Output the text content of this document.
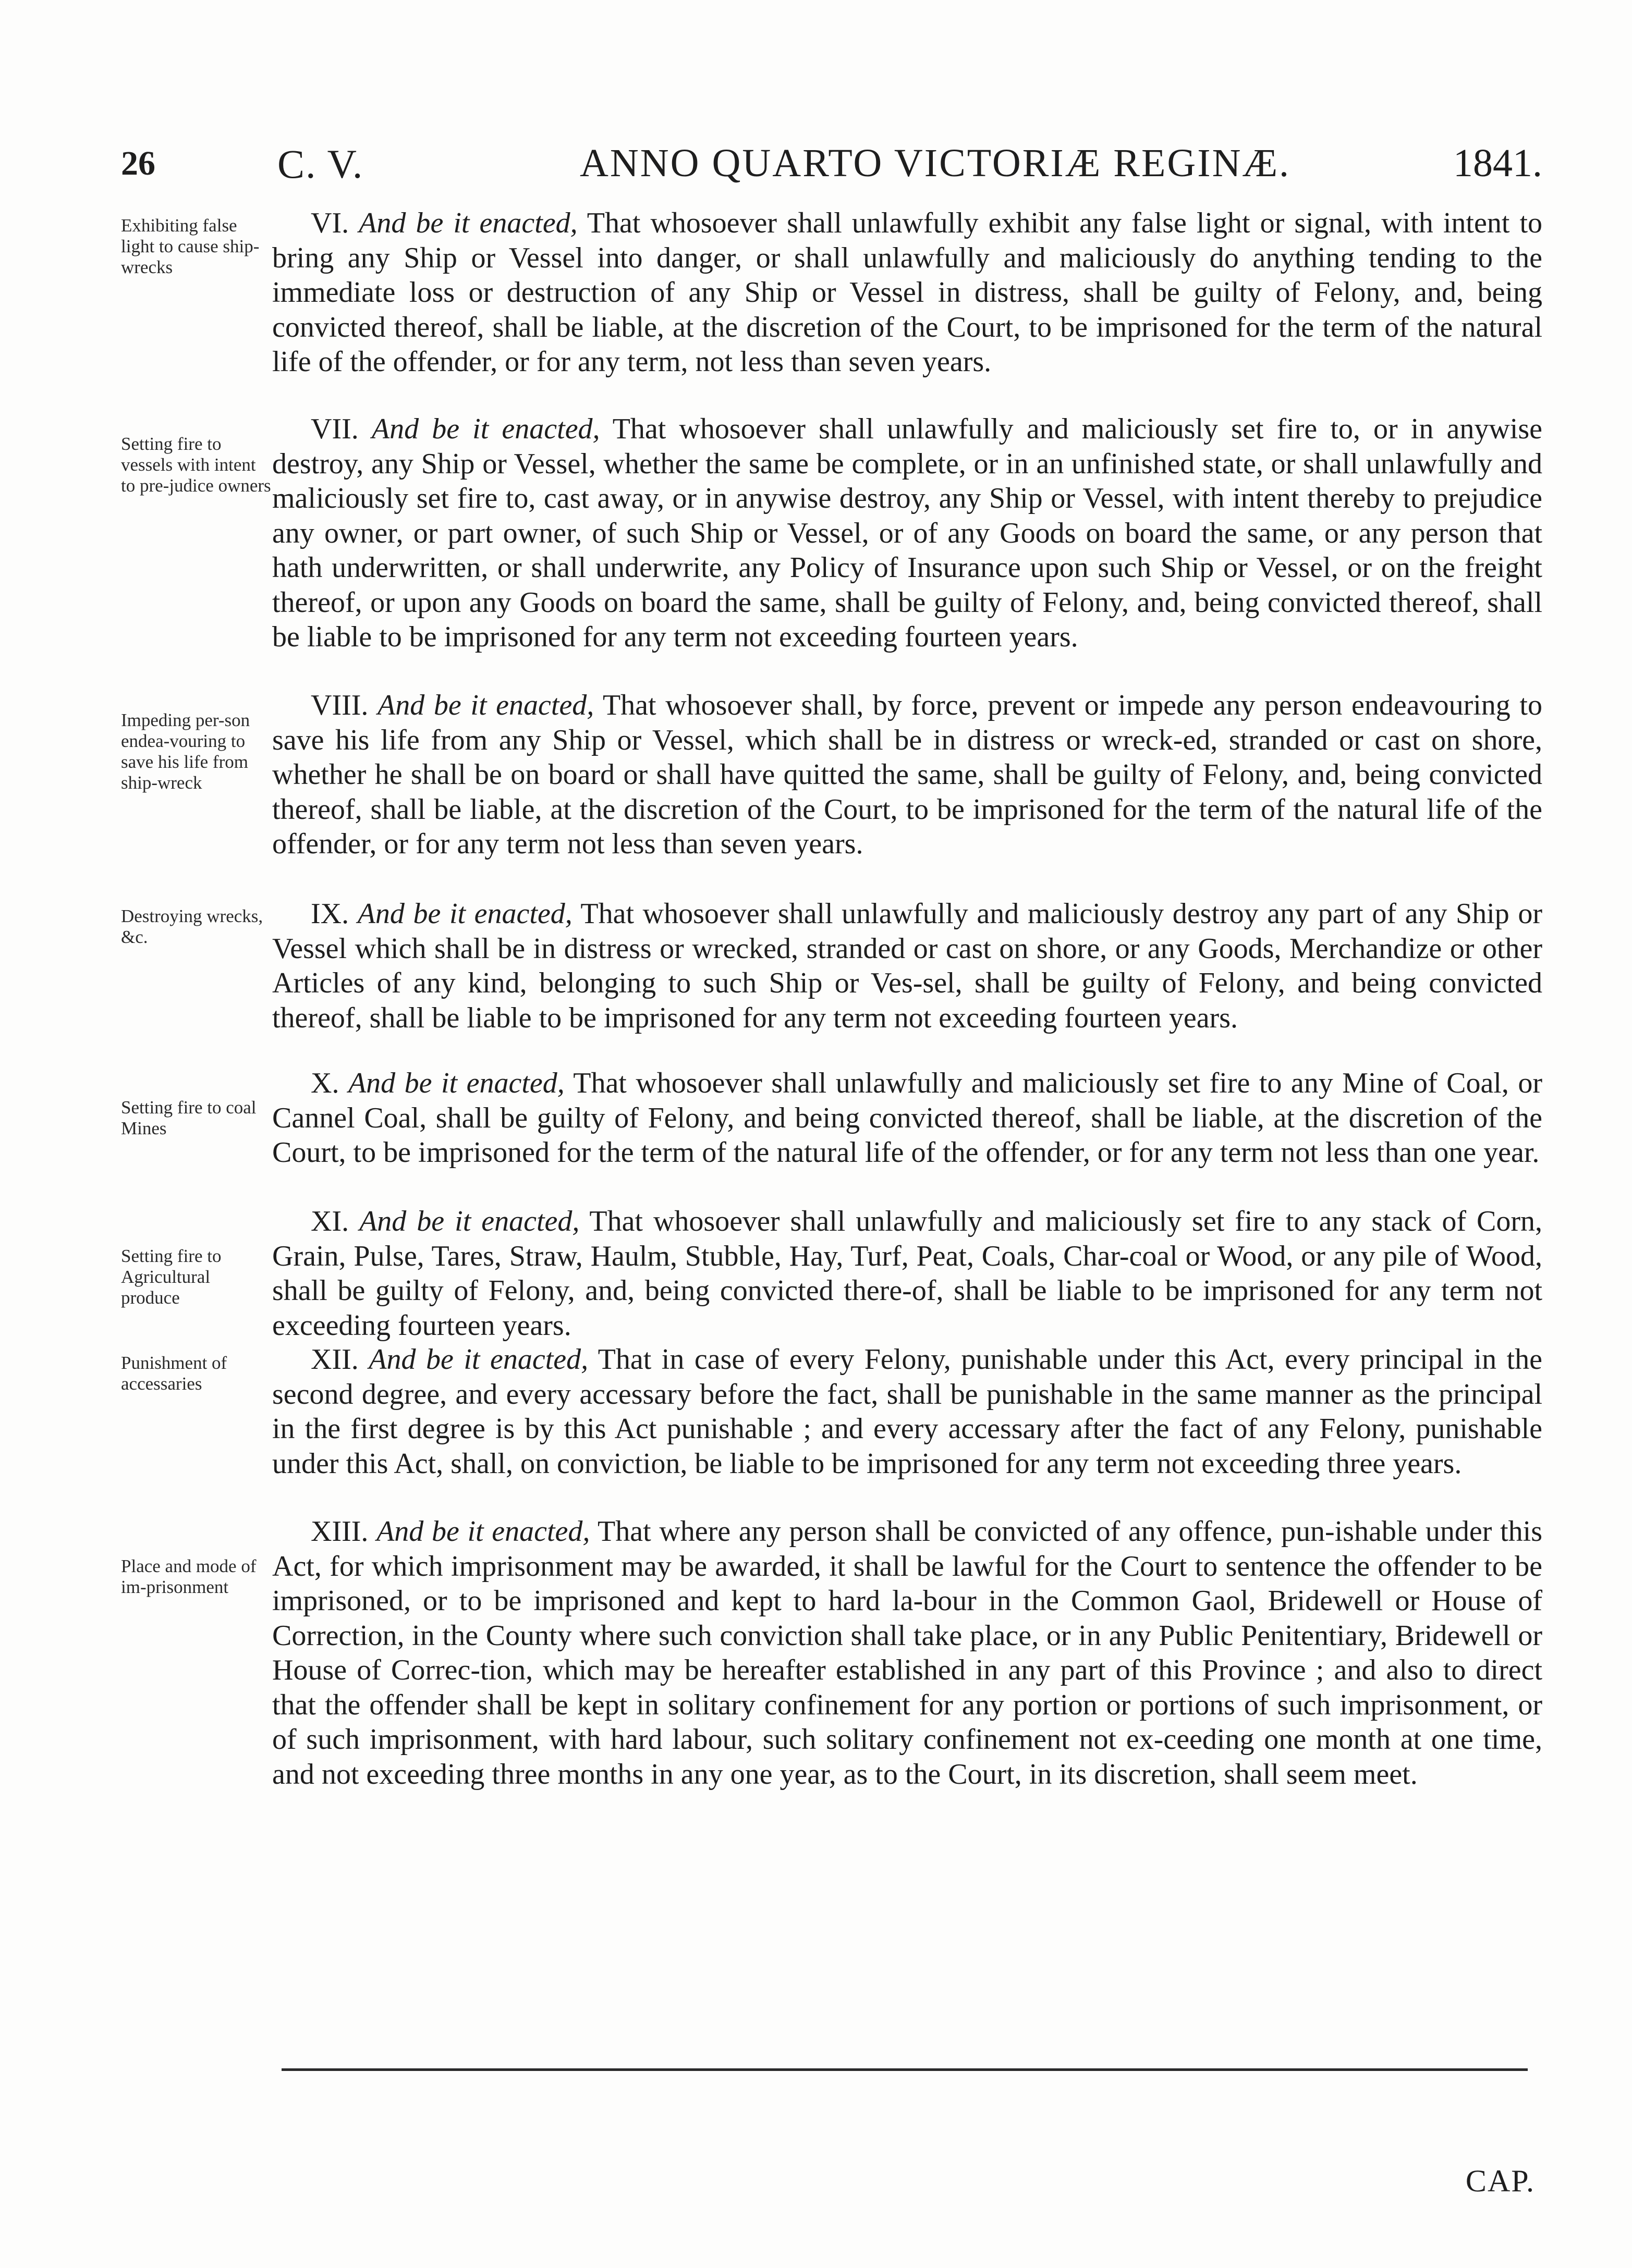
26	C. V.	ANNO QUARTO VICTORIÆ REGINÆ.	1841.
Exhibiting false light to cause ship-wrecks
VI. And be it enacted, That whosoever shall unlawfully exhibit any false light or signal, with intent to bring any Ship or Vessel into danger, or shall unlawfully and maliciously do anything tending to the immediate loss or destruction of any Ship or Vessel in distress, shall be guilty of Felony, and, being convicted thereof, shall be liable, at the discretion of the Court, to be imprisoned for the term of the natural life of the offender, or for any term, not less than seven years.
Setting fire to vessels with intent to pre-judice owners
VII. And be it enacted, That whosoever shall unlawfully and maliciously set fire to, or in anywise destroy, any Ship or Vessel, whether the same be complete, or in an unfinished state, or shall unlawfully and maliciously set fire to, cast away, or in anywise destroy, any Ship or Vessel, with intent thereby to prejudice any owner, or part owner, of such Ship or Vessel, or of any Goods on board the same, or any person that hath underwritten, or shall underwrite, any Policy of Insurance upon such Ship or Vessel, or on the freight thereof, or upon any Goods on board the same, shall be guilty of Felony, and, being convicted thereof, shall be liable to be imprisoned for any term not exceeding fourteen years.
Impeding per-son endea-vouring to save his life from ship-wreck
VIII. And be it enacted, That whosoever shall, by force, prevent or impede any person endeavouring to save his life from any Ship or Vessel, which shall be in distress or wreck-ed, stranded or cast on shore, whether he shall be on board or shall have quitted the same, shall be guilty of Felony, and, being convicted thereof, shall be liable, at the discretion of the Court, to be imprisoned for the term of the natural life of the offender, or for any term not less than seven years.
Destroying wrecks, &c.
IX. And be it enacted, That whosoever shall unlawfully and maliciously destroy any part of any Ship or Vessel which shall be in distress or wrecked, stranded or cast on shore, or any Goods, Merchandize or other Articles of any kind, belonging to such Ship or Ves-sel, shall be guilty of Felony, and being convicted thereof, shall be liable to be imprisoned for any term not exceeding fourteen years.
Setting fire to coal Mines
X. And be it enacted, That whosoever shall unlawfully and maliciously set fire to any Mine of Coal, or Cannel Coal, shall be guilty of Felony, and being convicted thereof, shall be liable, at the discretion of the Court, to be imprisoned for the term of the natural life of the offender, or for any term not less than one year.
Setting fire to Agricultural produce
XI. And be it enacted, That whosoever shall unlawfully and maliciously set fire to any stack of Corn, Grain, Pulse, Tares, Straw, Haulm, Stubble, Hay, Turf, Peat, Coals, Char-coal or Wood, or any pile of Wood, shall be guilty of Felony, and, being convicted there-of, shall be liable to be imprisoned for any term not exceeding fourteen years.
Punishment of accessaries
XII. And be it enacted, That in case of every Felony, punishable under this Act, every principal in the second degree, and every accessary before the fact, shall be punishable in the same manner as the principal in the first degree is by this Act punishable ; and every accessary after the fact of any Felony, punishable under this Act, shall, on conviction, be liable to be imprisoned for any term not exceeding three years.
Place and mode of im-prisonment
XIII. And be it enacted, That where any person shall be convicted of any offence, pun-ishable under this Act, for which imprisonment may be awarded, it shall be lawful for the Court to sentence the offender to be imprisoned, or to be imprisoned and kept to hard la-bour in the Common Gaol, Bridewell or House of Correction, in the County where such conviction shall take place, or in any Public Penitentiary, Bridewell or House of Correc-tion, which may be hereafter established in any part of this Province ; and also to direct that the offender shall be kept in solitary confinement for any portion or portions of such imprisonment, or of such imprisonment, with hard labour, such solitary confinement not ex-ceeding one month at one time, and not exceeding three months in any one year, as to the Court, in its discretion, shall seem meet.
CAP.
